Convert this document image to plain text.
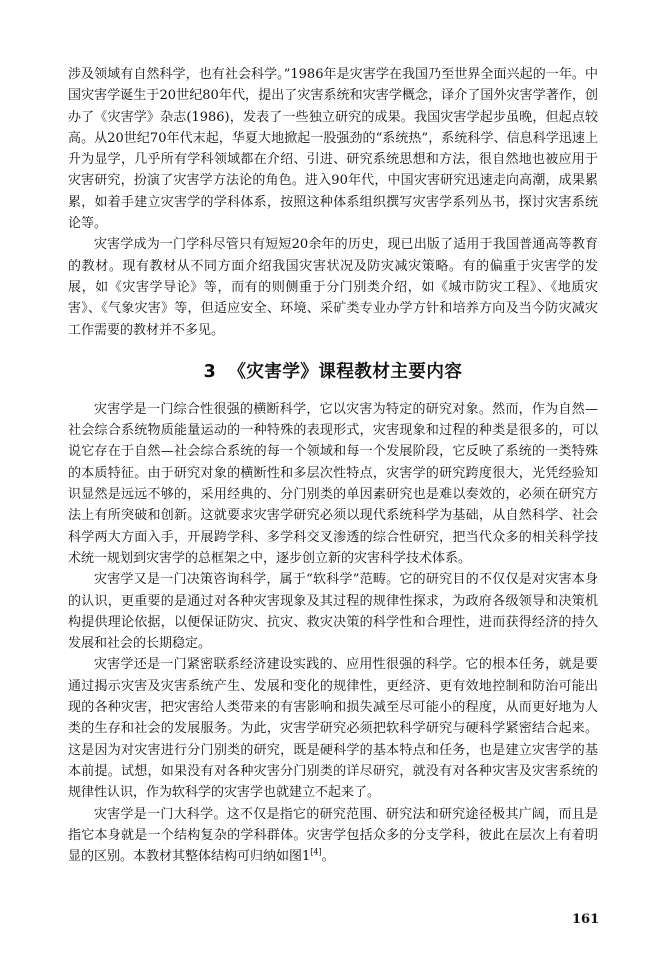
涉及领域有自然科学，也有社会科学。”1986年是灾害学在我国乃至世界全面兴起的一年。中国灾害学诞生于20世纪80年代，提出了灾害系统和灾害学概念，译介了国外灾害学著作，创办了《灾害学》杂志(1986)，发表了一些独立研究的成果。我国灾害学起步虽晚，但起点较高。从20世纪70年代末起，华夏大地掀起一股强劲的“系统热”，系统科学、信息科学迅速上升为显学，几乎所有学科领域都在介绍、引进、研究系统思想和方法，很自然地也被应用于灾害研究，扮演了灾害学方法论的角色。进入90年代，中国灾害研究迅速走向高潮，成果累累，如着手建立灾害学的学科体系，按照这种体系组织撰写灾害学系列丛书，探讨灾害系统论等。

灾害学成为一门学科尽管只有短短20余年的历史，现已出版了适用于我国普通高等教育的教材。现有教材从不同方面介绍我国灾害状况及防灾减灾策略。有的偏重于灾害学的发展，如《灾害学导论》等，而有的则侧重于分门别类介绍，如《城市防灾工程》、《地质灾害》、《气象灾害》等，但适应安全、环境、采矿类专业办学方针和培养方向及当今防灾减灾工作需要的教材并不多见。

3 《灾害学》课程教材主要内容

灾害学是一门综合性很强的横断科学，它以灾害为特定的研究对象。然而，作为自然—社会综合系统物质能量运动的一种特殊的表现形式，灾害现象和过程的种类是很多的，可以说它存在于自然—社会综合系统的每一个领域和每一个发展阶段，它反映了系统的一类特殊的本质特征。由于研究对象的横断性和多层次性特点，灾害学的研究跨度很大，光凭经验知识显然是远远不够的，采用经典的、分门别类的单因素研究也是难以奏效的，必须在研究方法上有所突破和创新。这就要求灾害学研究必须以现代系统科学为基础，从自然科学、社会科学两大方面入手，开展跨学科、多学科交叉渗透的综合性研究，把当代众多的相关科学技术统一规划到灾害学的总框架之中，逐步创立新的灾害科学技术体系。

灾害学又是一门决策咨询科学，属于“软科学”范畴。它的研究目的不仅仅是对灾害本身的认识，更重要的是通过对各种灾害现象及其过程的规律性探求，为政府各级领导和决策机构提供理论依据，以便保证防灾、抗灾、救灾决策的科学性和合理性，进而获得经济的持久发展和社会的长期稳定。

灾害学还是一门紧密联系经济建设实践的、应用性很强的科学。它的根本任务，就是要通过揭示灾害及灾害系统产生、发展和变化的规律性，更经济、更有效地控制和防治可能出现的各种灾害，把灾害给人类带来的有害影响和损失减至尽可能小的程度，从而更好地为人类的生存和社会的发展服务。为此，灾害学研究必须把软科学研究与硬科学紧密结合起来。这是因为对灾害进行分门别类的研究，既是硬科学的基本特点和任务，也是建立灾害学的基本前提。试想，如果没有对各种灾害分门别类的详尽研究，就没有对各种灾害及灾害系统的规律性认识，作为软科学的灾害学也就建立不起来了。

灾害学是一门大科学。这不仅是指它的研究范围、研究法和研究途径极其广阔，而且是指它本身就是一个结构复杂的学科群体。灾害学包括众多的分支学科，彼此在层次上有着明显的区别。本教材其整体结构可归纳如图1[4]。

161
